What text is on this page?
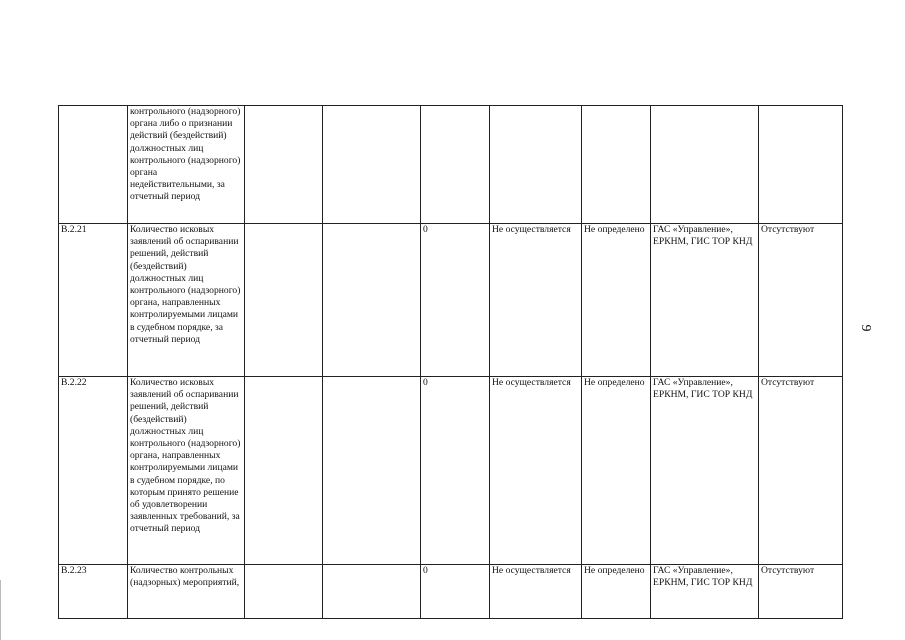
	контрольного (надзорного) органа либо о признании действий (бездействий) должностных лиц контрольного (надзорного) органа недействительными, за отчетный период							
В.2.21	Количество исковых заявлений об оспаривании решений, действий (бездействий) должностных лиц контрольного (надзорного) органа, направленных контролируемыми лицами в судебном порядке, за отчетный период			0	Не осуществляется	Не определено	ГАС «Управление», ЕРКНМ, ГИС ТОР КНД	Отсутствуют
В.2.22	Количество исковых заявлений об оспаривании решений, действий (бездействий) должностных лиц контрольного (надзорного) органа, направленных контролируемыми лицами в судебном порядке, по которым принято решение об удовлетворении заявленных требований, за отчетный период			0	Не осуществляется	Не определено	ГАС «Управление», ЕРКНМ, ГИС ТОР КНД	Отсутствуют
В.2.23	Количество контрольных (надзорных) мероприятий,			0	Не осуществляется	Не определено	ГАС «Управление», ЕРКНМ, ГИС ТОР КНД	Отсутствуют
9
